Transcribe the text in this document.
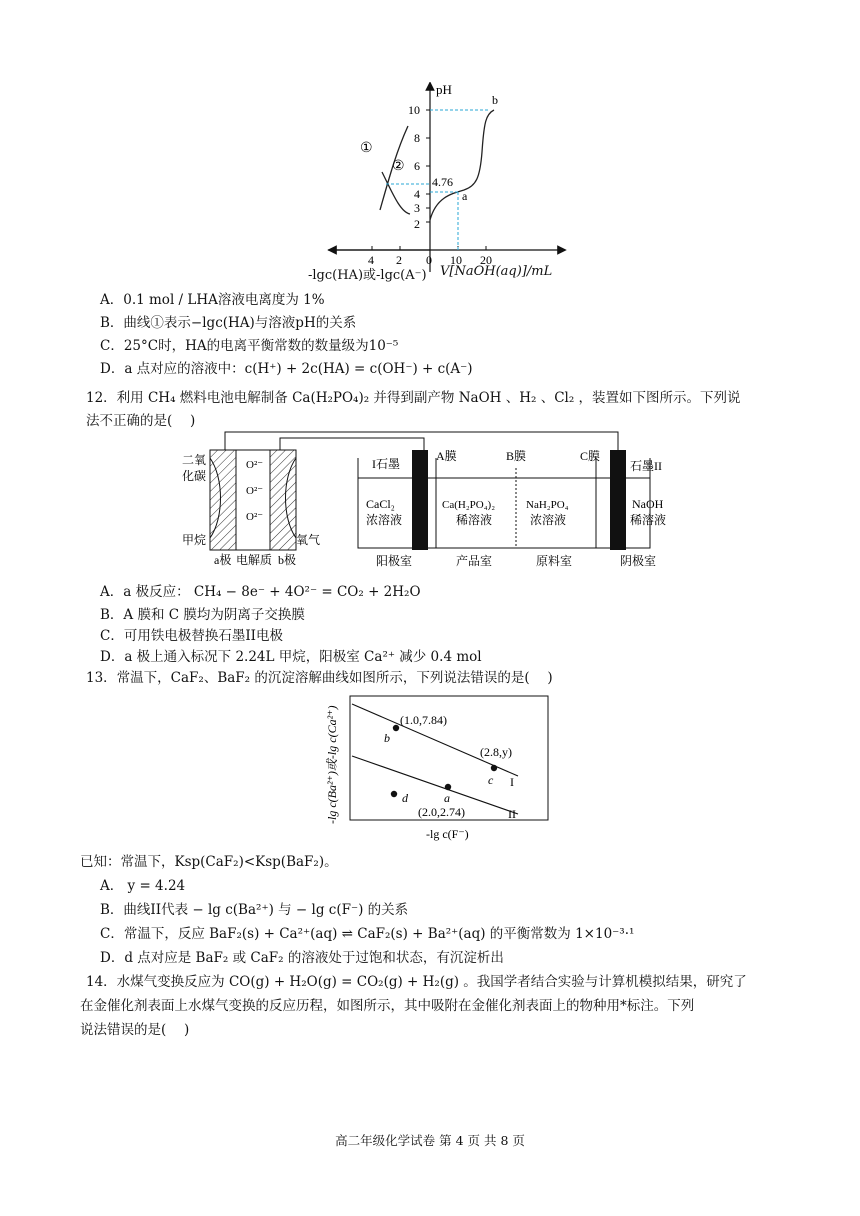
pH
10
8
6
4
3
2
4 2 0 10 20
①
②
4.76
a
b
-lgc(HA)或-lgc(A⁻) V[NaOH(aq)]/mL
A．0.1 mol / LHA溶液电离度为 1%
B．曲线①表示−lgc(HA)与溶液pH的关系
C．25°C时，HA的电离平衡常数的数量级为10⁻⁵
D．a 点对应的溶液中：c(H⁺) + 2c(HA) = c(OH⁻) + c(A⁻)
12．利用 CH₄ 燃料电池电解制备 Ca(H₂PO₄)₂ 并得到副产物 NaOH 、H₂ 、Cl₂ ，装置如下图所示。下列说
法不正确的是(　 )
O²⁻
O²⁻
O²⁻
二氧
化碳
甲烷	氧气
a极 电解质 b极
I石墨
A膜	B膜	C膜
石墨II
CaCl₂
浓溶液
Ca(H₂PO₄)₂
稀溶液
NaH₂PO₄
浓溶液
NaOH
稀溶液
阳极室	产品室	原料室	阴极室
A．a 极反应： CH₄ − 8e⁻ + 4O²⁻ = CO₂ + 2H₂O
B．A 膜和 C 膜均为阴离子交换膜
C．可用铁电极替换石墨II电极
D．a 极上通入标况下 2.24L 甲烷，阳极室 Ca²⁺ 减少 0.4 mol
13．常温下，CaF₂、BaF₂ 的沉淀溶解曲线如图所示，下列说法错误的是(　 )
-lg c(Ba²⁺)或-lg c(Ca²⁺)	(1.0,7.84)
b
(2.8,y)
c I
a
d
(2.0,2.74)	II
-lg c(F⁻)
已知：常温下，Ksp(CaF₂)<Ksp(BaF₂)。
A． y = 4.24
B．曲线II代表 − lg c(Ba²⁺) 与 − lg c(F⁻) 的关系
C．常温下，反应 BaF₂(s) + Ca²⁺(aq) ⇌ CaF₂(s) + Ba²⁺(aq) 的平衡常数为 1×10⁻³·¹
D．d 点对应是 BaF₂ 或 CaF₂ 的溶液处于过饱和状态，有沉淀析出
14．水煤气变换反应为 CO(g) + H₂O(g) = CO₂(g) + H₂(g) 。我国学者结合实验与计算机模拟结果，研究了
在金催化剂表面上水煤气变换的反应历程，如图所示，其中吸附在金催化剂表面上的物种用*标注。下列
说法错误的是(　 )
高二年级化学试卷 第 4 页 共 8 页
